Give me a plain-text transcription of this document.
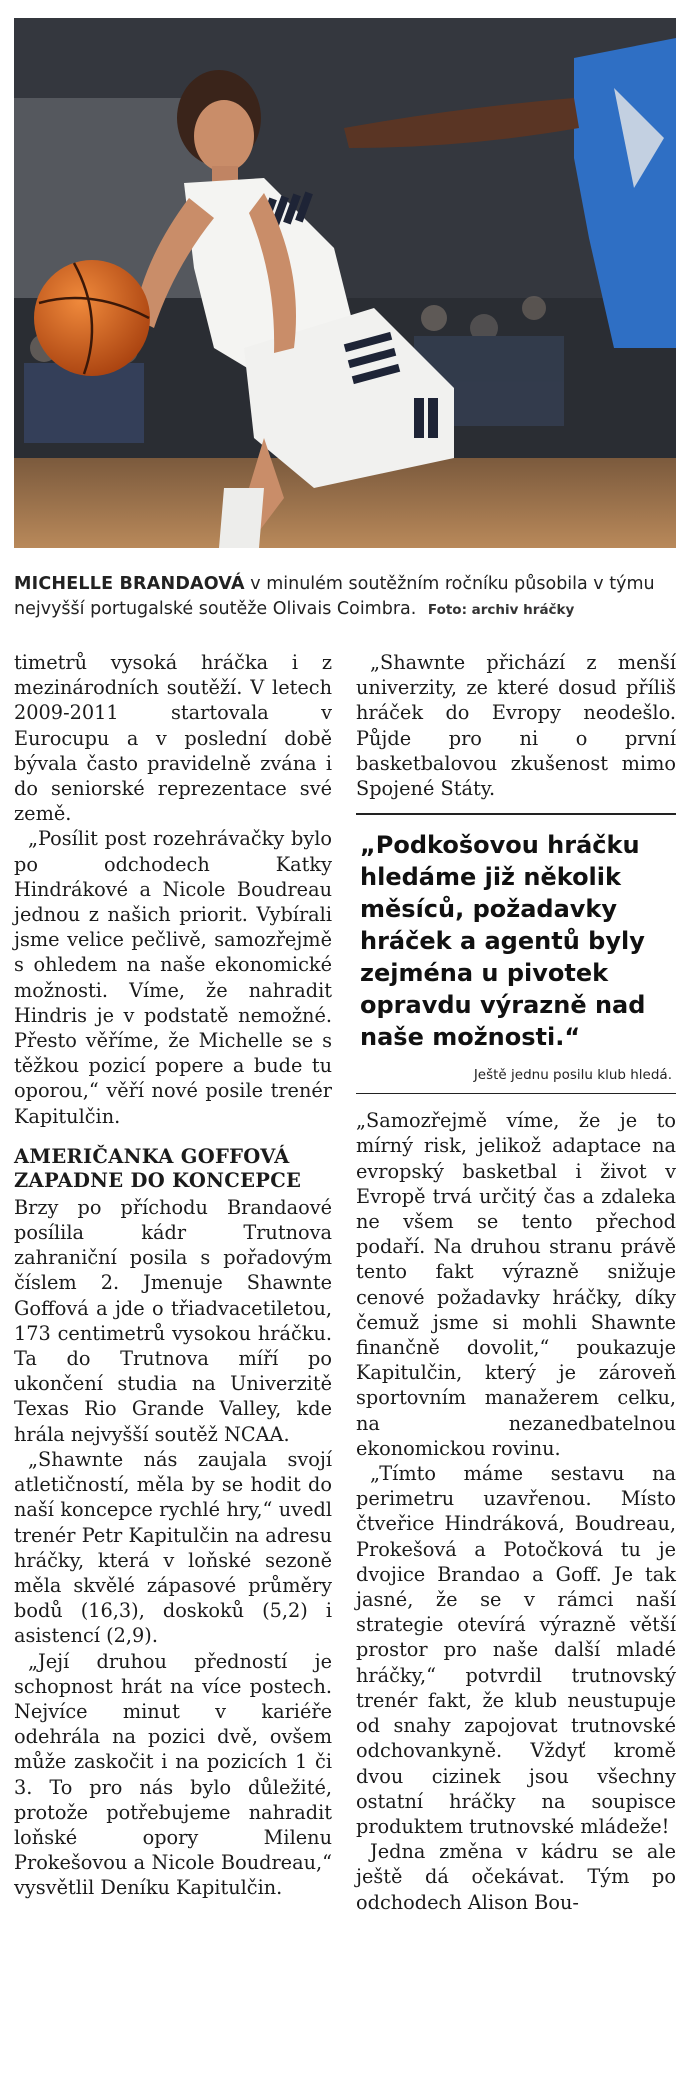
MICHELLE BRANDAOVÁ v minulém soutěžním ročníku působila v týmu nejvyšší portugalské soutěže Olivais Coimbra. Foto: archiv hráčky

timetrů vysoká hráčka i z mezinárodních soutěží. V letech 2009-2011 startovala v Eurocupu a v poslední době bývala často pravidelně zvána i do seniorské reprezentace své země.

„Posílit post rozehrávačky bylo po odchodech Katky Hindrákové a Nicole Boudreau jednou z našich priorit. Vybírali jsme velice pečlivě, samozřejmě s ohledem na naše ekonomické možnosti. Víme, že nahradit Hindris je v podstatě nemožné. Přesto věříme, že Michelle se s těžkou pozicí popere a bude tu oporou,“ věří nové posile trenér Kapitulčin.

AMERIČANKA GOFFOVÁ ZAPADNE DO KONCEPCE

Brzy po příchodu Brandaové posílila kádr Trutnova zahraniční posila s pořadovým číslem 2. Jmenuje Shawnte Goffová a jde o třiadvacetiletou, 173 centimetrů vysokou hráčku. Ta do Trutnova míří po ukončení studia na Univerzitě Texas Rio Grande Valley, kde hrála nejvyšší soutěž NCAA.

„Shawnte nás zaujala svojí atletičností, měla by se hodit do naší koncepce rychlé hry,“ uvedl trenér Petr Kapitulčin na adresu hráčky, která v loňské sezoně měla skvělé zápasové průměry bodů (16,3), doskoků (5,2) i asistencí (2,9).

„Její druhou předností je schopnost hrát na více postech. Nejvíce minut v kariéře odehrála na pozici dvě, ovšem může zaskočit i na pozicích 1 či 3. To pro nás bylo důležité, protože potřebujeme nahradit loňské opory Milenu Prokešovou a Nicole Boudreau,“ vysvětlil Deníku Kapitulčin.

„Shawnte přichází z menší univerzity, ze které dosud příliš hráček do Evropy neodešlo. Půjde pro ni o první basketbalovou zkušenost mimo Spojené Státy.

„Podkošovou hráčku hledáme již několik měsíců, požadavky hráček a agentů byly zejména u pivotek opravdu výrazně nad naše možnosti.“

Ještě jednu posilu klub hledá.

„Samozřejmě víme, že je to mírný risk, jelikož adaptace na evropský basketbal i život v Evropě trvá určitý čas a zdaleka ne všem se tento přechod podaří. Na druhou stranu právě tento fakt výrazně snižuje cenové požadavky hráčky, díky čemuž jsme si mohli Shawnte finančně dovolit,“ poukazuje Kapitulčin, který je zároveň sportovním manažerem celku, na nezanedbatelnou ekonomickou rovinu.

„Tímto máme sestavu na perimetru uzavřenou. Místo čtveřice Hindráková, Boudreau, Prokešová a Potočková tu je dvojice Brandao a Goff. Je tak jasné, že se v rámci naší strategie otevírá výrazně větší prostor pro naše další mladé hráčky,“ potvrdil trutnovský trenér fakt, že klub neustupuje od snahy zapojovat trutnovské odchovankyně. Vždyť kromě dvou cizinek jsou všechny ostatní hráčky na soupisce produktem trutnovské mládeže!

Jedna změna v kádru se ale ještě dá očekávat. Tým po odchodech Alison Bou-
